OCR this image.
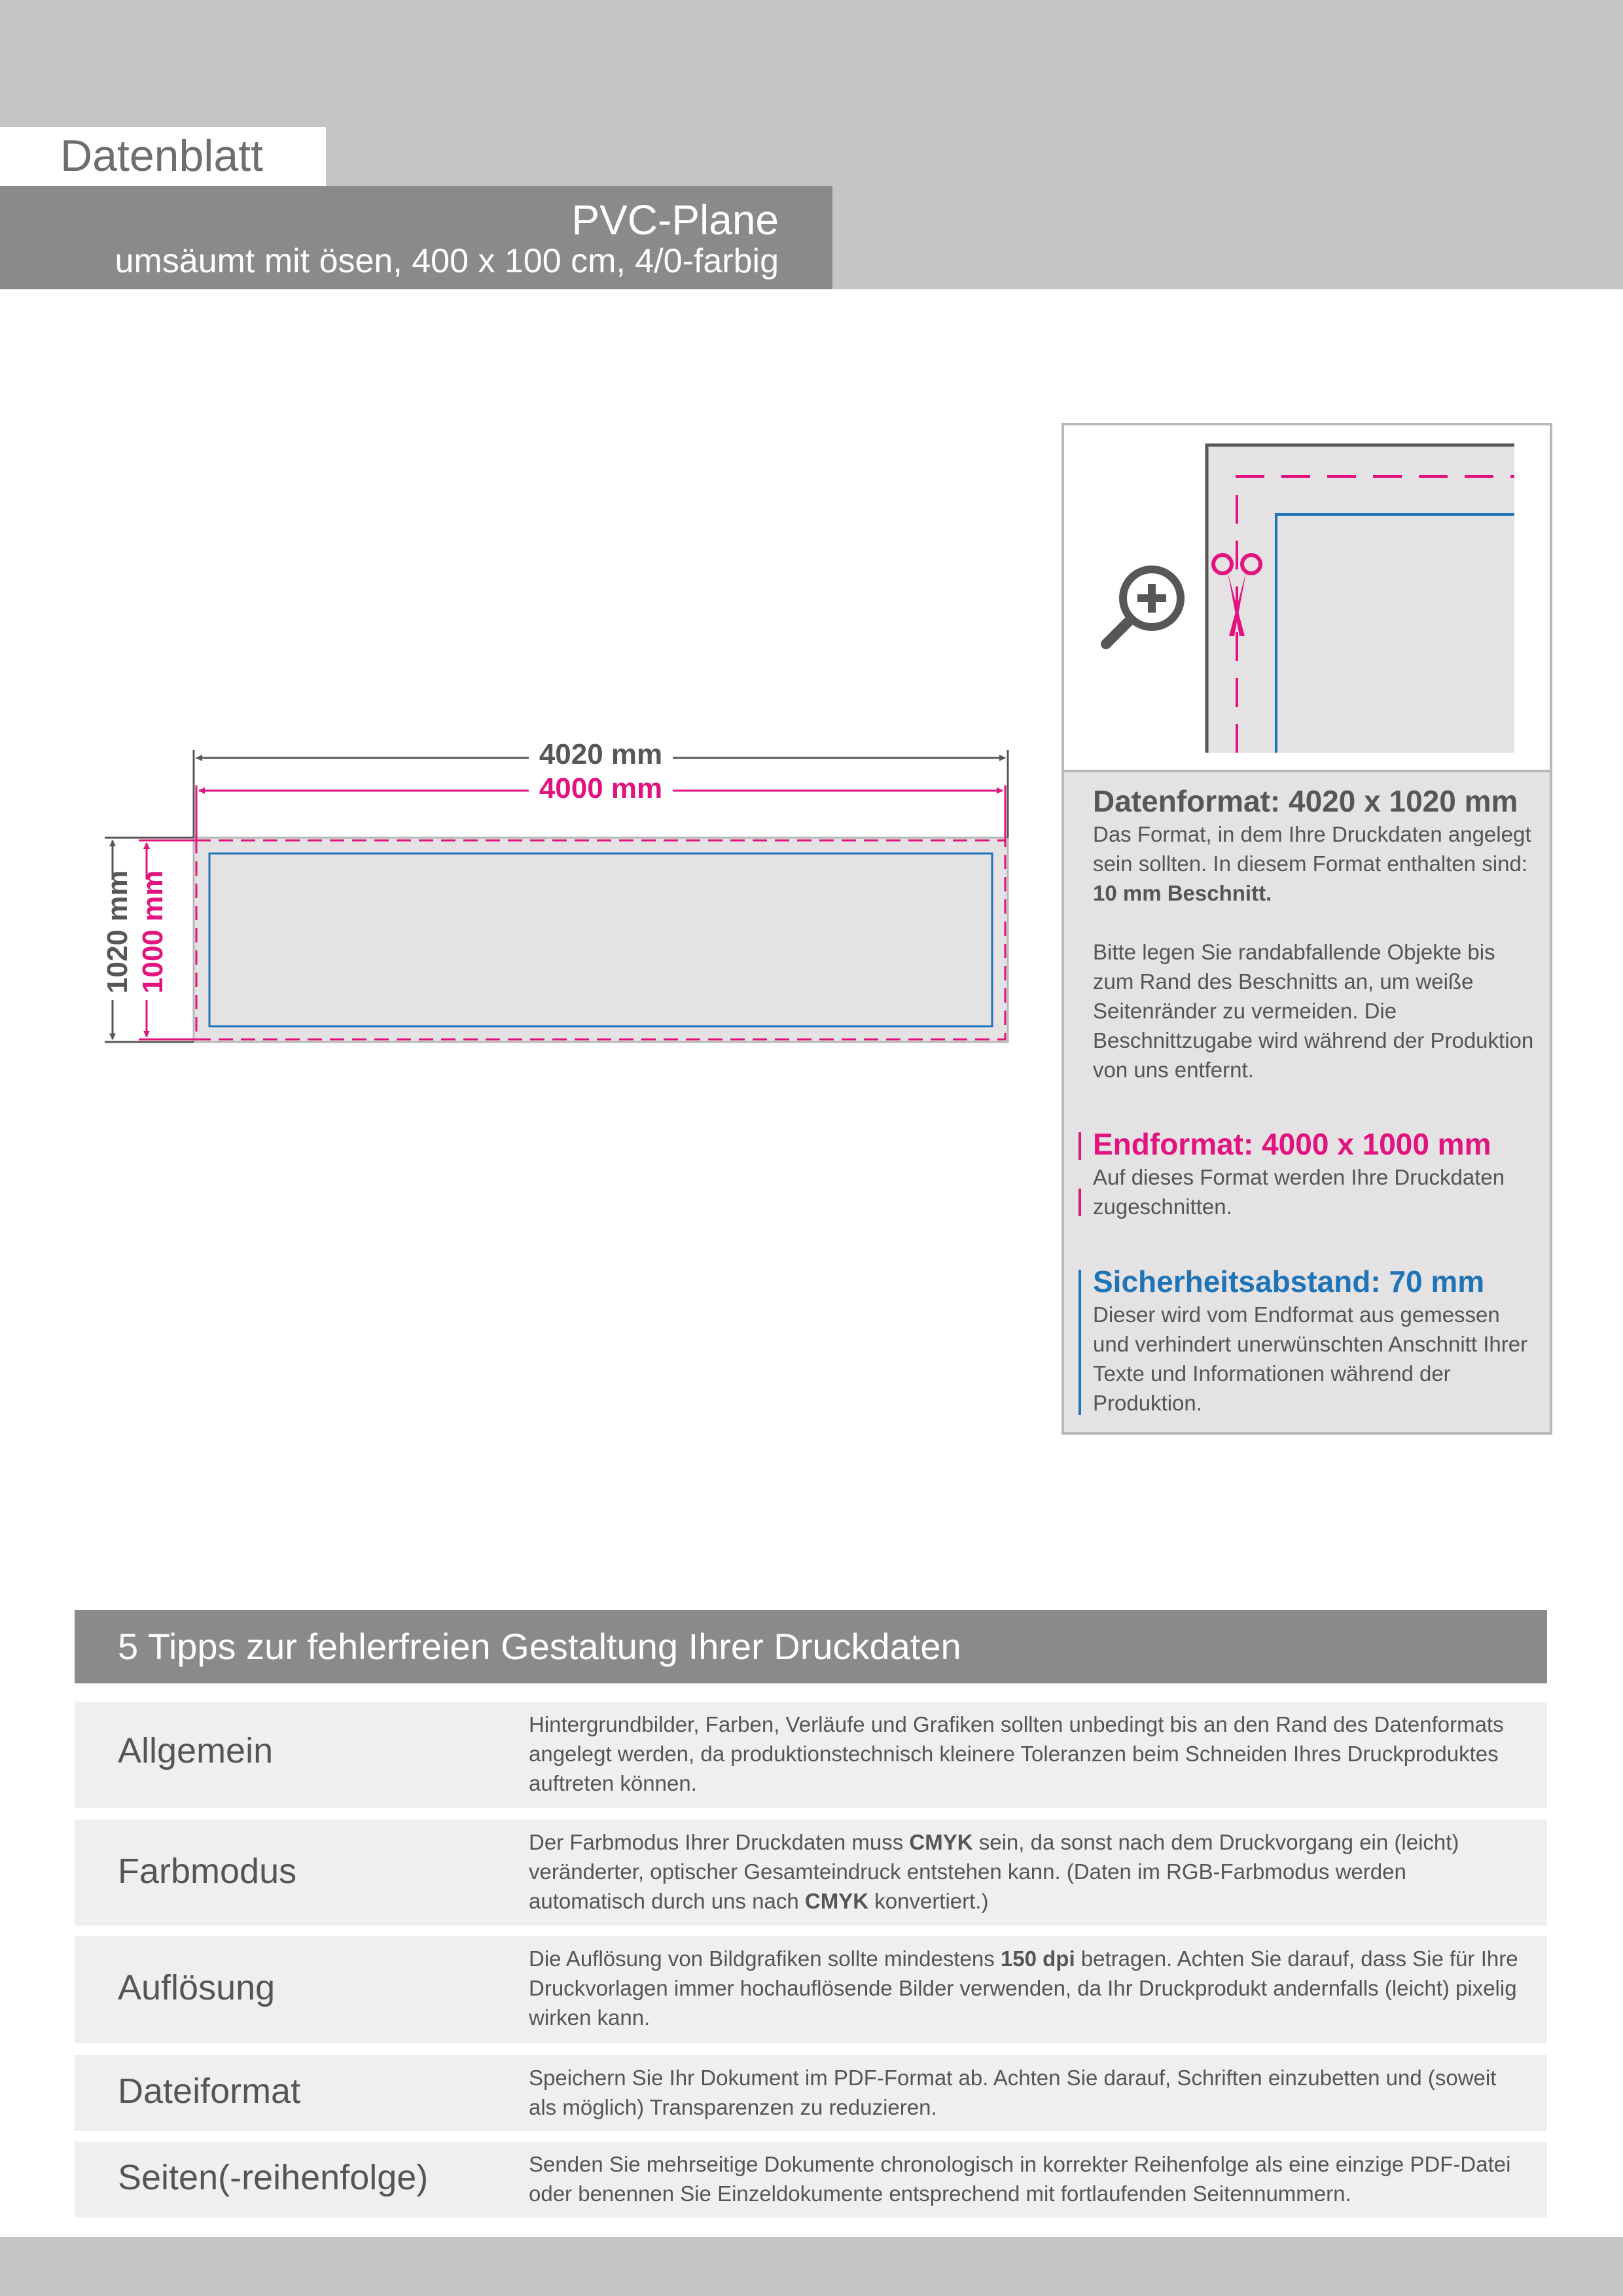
Datenblatt
PVC-Plane
umsäumt mit ösen, 400 x 100 cm, 4/0-farbig
4020 mm
4000 mm
1020 mm 1000 mm
Datenformat: 4020 x 1020 mm
Das Format, in dem Ihre Druckdaten angelegt sein sollten. In diesem Format enthalten sind: 10 mm Beschnitt.
Bitte legen Sie randabfallende Objekte bis zum Rand des Beschnitts an, um weiße Seitenränder zu vermeiden. Die Beschnittzugabe wird während der Produktion von uns entfernt.
Endformat: 4000 x 1000 mm
Auf dieses Format werden Ihre Druckdaten zugeschnitten.
Sicherheitsabstand: 70 mm
Dieser wird vom Endformat aus gemessen und verhindert unerwünschten Anschnitt Ihrer Texte und Informationen während der Produktion.
5 Tipps zur fehlerfreien Gestaltung Ihrer Druckdaten
Allgemein
Hintergrundbilder, Farben, Verläufe und Grafiken sollten unbedingt bis an den Rand des Datenformats angelegt werden, da produktionstechnisch kleinere Toleranzen beim Schneiden Ihres Druckproduktes auftreten können.
Farbmodus
Der Farbmodus Ihrer Druckdaten muss CMYK sein, da sonst nach dem Druckvorgang ein (leicht) veränderter, optischer Gesamteindruck entstehen kann. (Daten im RGB-Farbmodus werden automatisch durch uns nach CMYK konvertiert.)
Auflösung
Die Auflösung von Bildgrafiken sollte mindestens 150 dpi betragen. Achten Sie darauf, dass Sie für Ihre Druckvorlagen immer hochauflösende Bilder verwenden, da Ihr Druckprodukt andernfalls (leicht) pixelig wirken kann.
Dateiformat	Speichern Sie Ihr Dokument im PDF-Format ab. Achten Sie darauf, Schriften einzubetten und (soweit als möglich) Transparenzen zu reduzieren.
Seiten(-reihenfolge)	Senden Sie mehrseitige Dokumente chronologisch in korrekter Reihenfolge als eine einzige PDF-Datei oder benennen Sie Einzeldokumente entsprechend mit fortlaufenden Seitennummern.
